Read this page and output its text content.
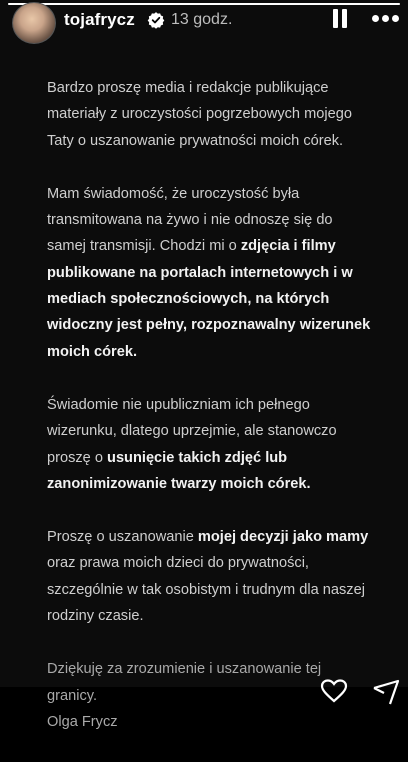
tojafrycz 13 godz.
Bardzo proszę media i redakcje publikujące
materiały z uroczystości pogrzebowych mojego
Taty o uszanowanie prywatności moich córek.
Mam świadomość, że uroczystość była
transmitowana na żywo i nie odnoszę się do
samej transmisji. Chodzi mi o zdjęcia i filmy
publikowane na portalach internetowych i w
mediach społecznościowych, na których
widoczny jest pełny, rozpoznawalny wizerunek
moich córek.
Świadomie nie upubliczniam ich pełnego
wizerunku, dlatego uprzejmie, ale stanowczo
proszę o usunięcie takich zdjęć lub
zanonimizowanie twarzy moich córek.
Proszę o uszanowanie mojej decyzji jako mamy
oraz prawa moich dzieci do prywatności,
szczególnie w tak osobistym i trudnym dla naszej
rodziny czasie.
Dziękuję za zrozumienie i uszanowanie tej
granicy.
Olga Frycz
